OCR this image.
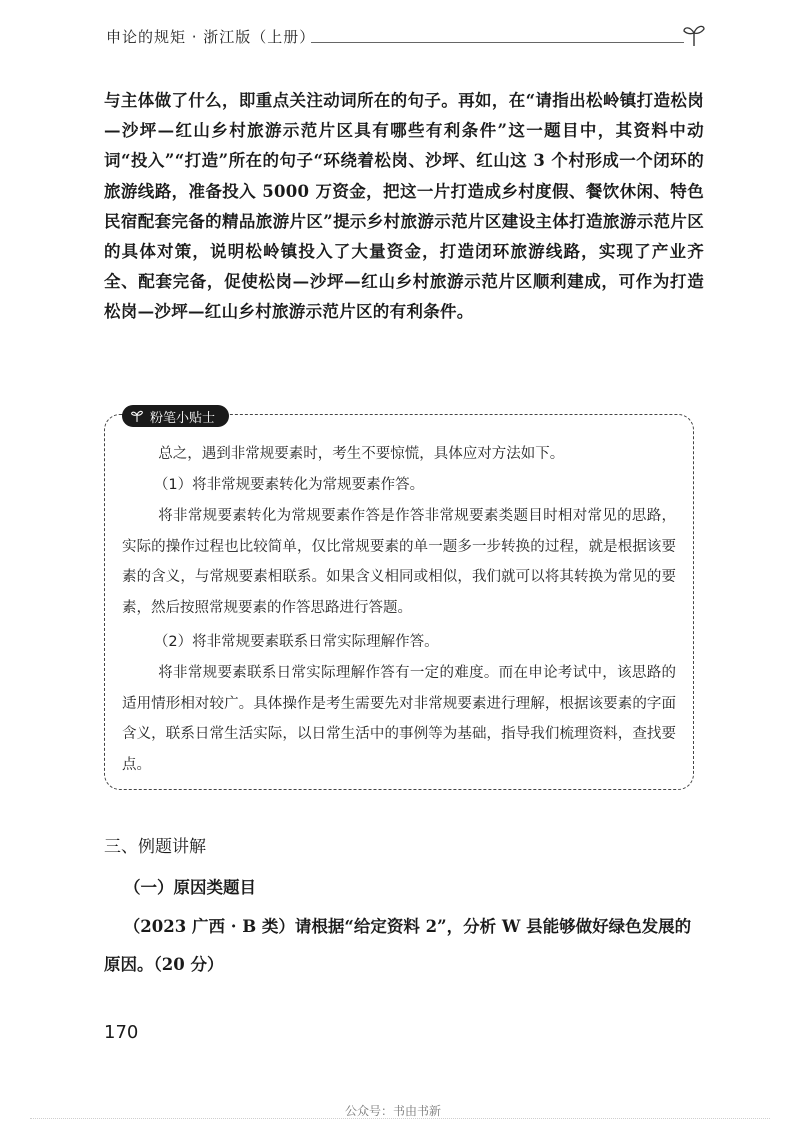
申论的规矩 · 浙江版（上册）

与主体做了什么，即重点关注动词所在的句子。再如，在“请指出松岭镇打造松岗—沙坪—红山乡村旅游示范片区具有哪些有利条件”这一题目中，其资料中动词“投入”“打造”所在的句子“环绕着松岗、沙坪、红山这 3 个村形成一个闭环的旅游线路，准备投入 5000 万资金，把这一片打造成乡村度假、餐饮休闲、特色民宿配套完备的精品旅游片区”提示乡村旅游示范片区建设主体打造旅游示范片区的具体对策，说明松岭镇投入了大量资金，打造闭环旅游线路，实现了产业齐全、配套完备，促使松岗—沙坪—红山乡村旅游示范片区顺利建成，可作为打造松岗—沙坪—红山乡村旅游示范片区的有利条件。

粉笔小贴士

总之，遇到非常规要素时，考生不要惊慌，具体应对方法如下。

（1）将非常规要素转化为常规要素作答。

将非常规要素转化为常规要素作答是作答非常规要素类题目时相对常见的思路，实际的操作过程也比较简单，仅比常规要素的单一题多一步转换的过程，就是根据该要素的含义，与常规要素相联系。如果含义相同或相似，我们就可以将其转换为常见的要素，然后按照常规要素的作答思路进行答题。

（2）将非常规要素联系日常实际理解作答。

将非常规要素联系日常实际理解作答有一定的难度。而在申论考试中，该思路的适用情形相对较广。具体操作是考生需要先对非常规要素进行理解，根据该要素的字面含义，联系日常生活实际，以日常生活中的事例等为基础，指导我们梳理资料，查找要点。

三、例题讲解
（一）原因类题目

（2023 广西 · B 类）请根据“给定资料 2”，分析 W 县能够做好绿色发展的原因。（20 分）

170
公众号：书由书新
